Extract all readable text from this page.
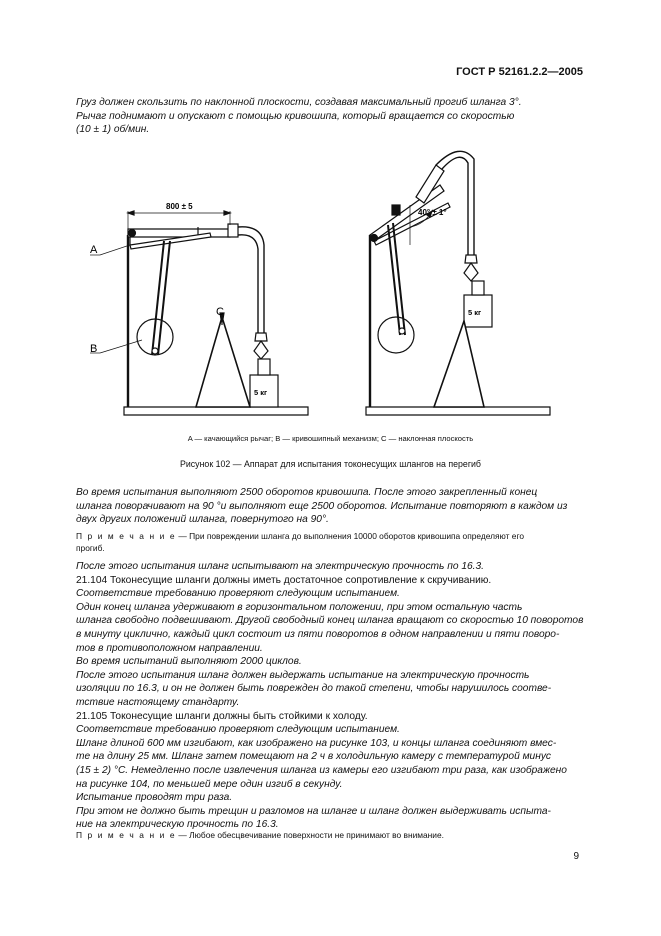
ГОСТ Р 52161.2.2—2005

Груз должен скользить по наклонной плоскости, создавая максимальный прогиб шланга 3°.

Рычаг поднимают и опускают с помощью кривошипа, который вращается со скоростью

(10 ± 1) об/мин.

A
B
C
800 ± 5
40° ± 1°
5 кг
5 кг
A — качающийся рычаг; B — кривошипный механизм; C — наклонная плоскость
Рисунок 102 — Аппарат для испытания токонесущих шлангов на перегиб

Во время испытания выполняют 2500 оборотов кривошипа. После этого закрепленный конец

шланга поворачивают на 90 °и выполняют еще 2500 оборотов. Испытание повторяют в каждом из

двух других положений шланга, повернутого на 90°.

П р и м е ч а н и е — При повреждении шланга до выполнения 10000 оборотов кривошипа определяют его

прогиб.

После этого испытания шланг испытывают на электрическую прочность по 16.3.

21.104 Токонесущие шланги должны иметь достаточное сопротивление к скручиванию.

Соответствие требованию проверяют следующим испытанием.

Один конец шланга удерживают в горизонтальном положении, при этом остальную часть

шланга свободно подвешивают. Другой свободный конец шланга вращают со скоростью 10 поворотов

в минуту циклично, каждый цикл состоит из пяти поворотов в одном направлении и пяти поворо-

тов в противоположном направлении.

Во время испытаний выполняют 2000 циклов.

После этого испытания шланг должен выдержать испытание на электрическую прочность

изоляции по 16.3, и он не должен быть поврежден до такой степени, чтобы нарушилось соотве-

тствие настоящему стандарту.

21.105 Токонесущие шланги должны быть стойкими к холоду.

Соответствие требованию проверяют следующим испытанием.

Шланг длиной 600 мм изгибают, как изображено на рисунке 103, и концы шланга соединяют вмес-

те на длину 25 мм. Шланг затем помещают на 2 ч в холодильную камеру с температурой минус

(15 ± 2) °С. Немедленно после извлечения шланга из камеры его изгибают три раза, как изображено

на рисунке 104, по меньшей мере один изгиб в секунду.

Испытание проводят три раза.

При этом не должно быть трещин и разломов на шланге и шланг должен выдерживать испыта-

ние на электрическую прочность по 16.3.

П р и м е ч а н и е — Любое обесцвечивание поверхности не принимают во внимание.

9
